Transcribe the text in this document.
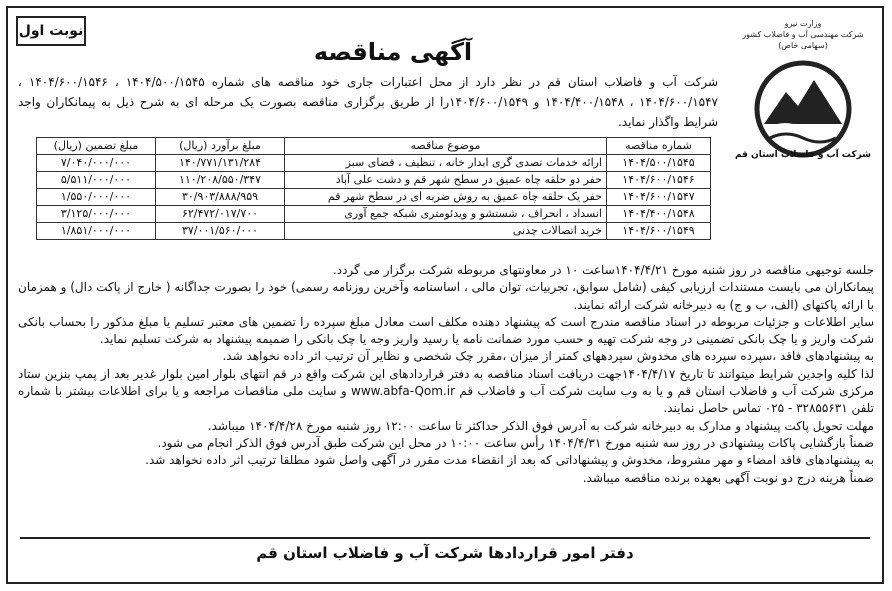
نوبت اول
آگهی مناقصه
وزارت نیرو
شرکت مهندسی آب و فاضلاب کشور
(سهامی خاص)
شرکت آب و فاضلاب استان قم
شرکت آب و فاضلاب استان قم در نظر دارد از محل اعتبارات جاری خود مناقصه های شماره ۱۴۰۴/۵۰۰/۱۵۴۵ ، ۱۴۰۴/۶۰۰/۱۵۴۶ ، ۱۴۰۴/۶۰۰/۱۵۴۷ ، ۱۴۰۴/۴۰۰/۱۵۴۸ و ۱۴۰۴/۶۰۰/۱۵۴۹را از طریق برگزاری مناقصه بصورت یک مرحله ای به شرح ذیل به پیمانکاران واجد شرایط واگذار نماید.
شماره مناقصه	موضوع مناقصه	مبلغ برآورد (ریال)	مبلغ تضمین (ریال)
۱۴۰۴/۵۰۰/۱۵۴۵	ارائه خدمات تصدی گری ابدار خانه ، تنظیف ، فضای سبز	۱۴۰/۷۷۱/۱۳۱/۲۸۴	۷/۰۴۰/۰۰۰/۰۰۰
۱۴۰۴/۶۰۰/۱۵۴۶	حفر دو حلقه چاه عمیق در سطح شهر قم و دشت علی آباد	۱۱۰/۲۰۸/۵۵۰/۳۴۷	۵/۵۱۱/۰۰۰/۰۰۰
۱۴۰۴/۶۰۰/۱۵۴۷	حفر یک حلقه چاه عمیق به روش ضربه ای در سطح شهر قم	۳۰/۹۰۳/۸۸۸/۹۵۹	۱/۵۵۰/۰۰۰/۰۰۰
۱۴۰۴/۴۰۰/۱۵۴۸	انسداد ، انحراف ، شستشو و ویدئومتری شبکه جمع آوری	۶۲/۴۷۲/۰۱۷/۷۰۰	۳/۱۲۵/۰۰۰/۰۰۰
۱۴۰۴/۶۰۰/۱۵۴۹	خرید اتصالات چدنی	۳۷/۰۰۱/۵۶۰/۰۰۰	۱/۸۵۱/۰۰۰/۰۰۰

جلسه توجیهی مناقصه در روز شنبه مورخ ۱۴۰۴/۴/۲۱ساعت ۱۰ در معاونتهای مربوطه شرکت برگزار می گردد.

پیمانکاران می بایست مستندات ارزیابی کیفی (شامل سوابق، تجربیات، توان مالی ، اساسنامه وآخرین روزنامه رسمی) خود را بصورت جداگانه ( خارج از پاکت دال) و همزمان با ارائه پاکتهای (الف، ب و ج) به دبیرخانه شرکت ارائه نمایند.

سایر اطلاعات و جزئیات مربوطه در اسناد مناقصه مندرج است که پیشنهاد دهنده مکلف است معادل مبلغ سپرده را تضمین های معتبر تسلیم یا مبلغ مذکور را بحساب بانکی شرکت واریز و یا چک بانکی تضمینی در وجه شرکت تهیه و حسب مورد ضمانت نامه یا رسید واریز وجه یا چک بانکی را ضمیمه پیشنهاد به شرکت تسلیم نماید.

به پیشنهادهای فاقد ،سپرده سپرده های مخدوش سپردههای کمتر از میزان ،مقرر چک شخصی و نظایر آن ترتیب اثر داده نخواهد شد.

لذا کلیه واجدین شرایط میتوانند تا تاریخ ۱۴۰۴/۴/۱۷جهت دریافت اسناد مناقصه به دفتر قراردادهای این شرکت واقع در قم انتهای بلوار امین بلوار غدیر بعد از پمپ بنزین ستاد مرکزی شرکت آب و فاضلاب استان قم و یا به وب سایت شرکت آب و فاضلاب قم www.abfa-Qom.ir و سایت ملی مناقصات مراجعه و یا برای اطلاعات بیشتر با شماره تلفن ۳۲۸۵۵۶۳۱ - ۰۲۵ تماس حاصل نمایند.

مهلت تحویل پاکت پیشنهاد و مدارک به دبیرخانه شرکت به آدرس فوق الذکر حداکثر تا ساعت ۱۲:۰۰ روز شنبه مورخ ۱۴۰۴/۴/۲۸ میباشد.

ضمناً بازگشایی پاکات پیشنهادی در روز سه شنبه مورخ ۱۴۰۴/۴/۳۱ رأس ساعت ۱۰:۰۰ در محل این شرکت طبق آدرس فوق الذکر انجام می شود.

به پیشنهادهای فاقد امضاء و مهر مشروط، مخدوش و پیشنهاداتی که بعد از انقضاء مدت مقرر در آگهی واصل شود مطلقا ترتیب اثر داده نخواهد شد.

ضمناً هزینه درج دو نوبت آگهی بعهده برنده مناقصه میباشد.

دفتر امور قراردادها شرکت آب و فاضلاب استان قم
